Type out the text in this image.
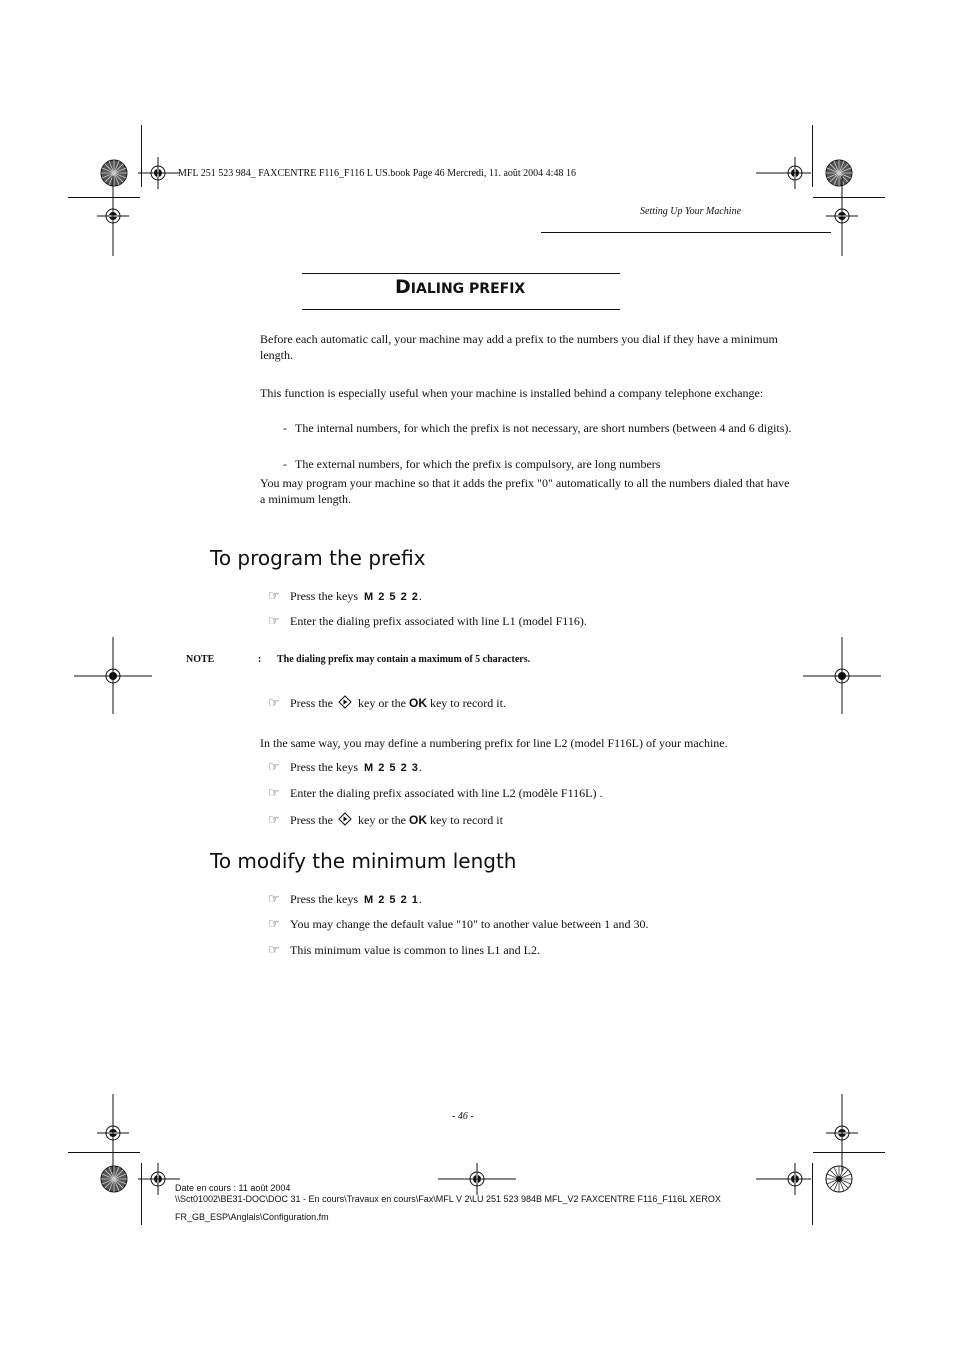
MFL 251 523 984_ FAXCENTRE F116_F116 L US.book Page 46 Mercredi, 11. août 2004 4:48 16
Setting Up Your Machine
DIALING PREFIX
Before each automatic call, your machine may add a prefix to the numbers you dial if they have a minimum length.
This function is especially useful when your machine is installed behind a company telephone exchange:
- The internal numbers, for which the prefix is not necessary, are short numbers (between 4 and 6 digits).
- The external numbers, for which the prefix is compulsory, are long numbers
You may program your machine so that it adds the prefix "0" automatically to all the numbers dialed that have a minimum length.
To program the prefix
☞ Press the keys M 2 5 2 2.
☞ Enter the dialing prefix associated with line L1 (model F116).
NOTE	: The dialing prefix may contain a maximum of 5 characters.
☞ Press the key or the OK key to record it.
In the same way, you may define a numbering prefix for line L2 (model F116L) of your machine.
☞ Press the keys M 2 5 2 3.
☞ Enter the dialing prefix associated with line L2 (modèle F116L) .
☞ Press the key or the OK key to record it
To modify the minimum length
☞ Press the keys M 2 5 2 1.
☞ You may change the default value "10" to another value between 1 and 30.
☞ This minimum value is common to lines L1 and L2.
- 46 -
Date en cours : 11 août 2004
\\Sct01002\BE31-DOC\DOC 31 - En cours\Travaux en cours\Fax\MFL V 2\LU 251 523 984B MFL_V2 FAXCENTRE F116_F116L XEROX
FR_GB_ESP\Anglais\Configuration.fm
